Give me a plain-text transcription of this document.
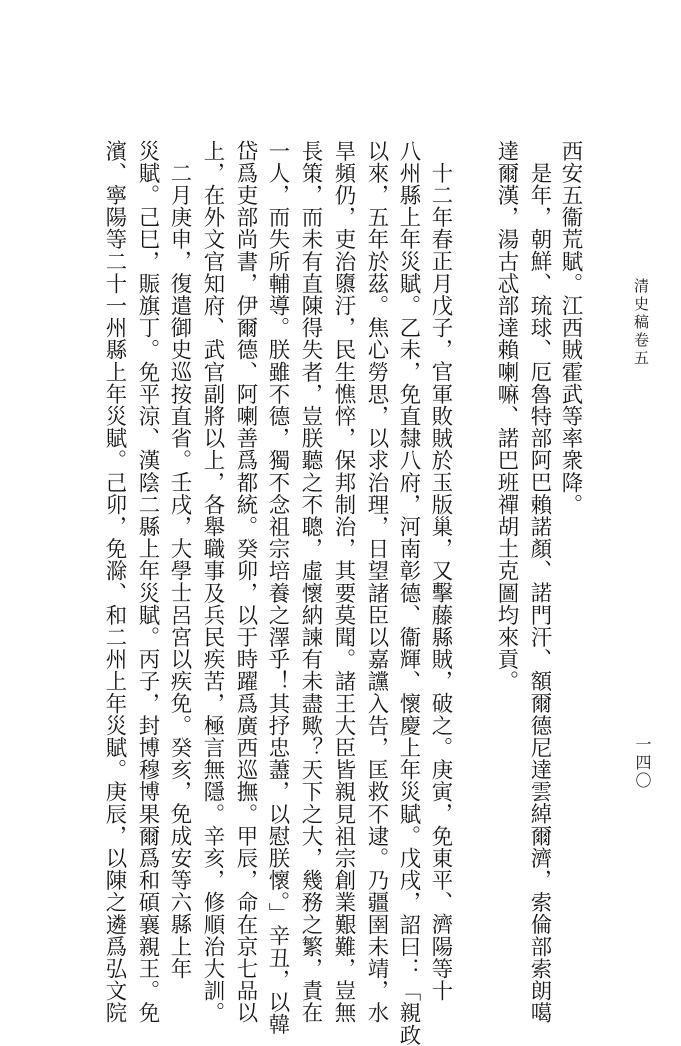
清史稿卷五
一四〇
西安五衞荒賦。江西賊霍武等率衆降。
是年，朝鮮、琉球、厄魯特部阿巴賴諾顏、諾門汗、額爾德尼達雲綽爾濟，索倫部索朗噶
達爾漢，湯古忒部達賴喇嘛、諾巴班禪胡土克圖均來貢。
十二年春正月戊子，官軍敗賊於玉版巢，又擊藤縣賊，破之。庚寅，免東平、濟陽等十
八州縣上年災賦。乙未，免直隸八府，河南彰德、衞輝、懷慶上年災賦。戊戌，詔曰：「親政
以來，五年於茲。焦心勞思，以求治理，日望諸臣以嘉讜入告，匡救不逮。乃疆圉未靖，水
旱頻仍，吏治隳汙，民生憔悴，保邦制治，其要莫聞。諸王大臣皆親見祖宗創業艱難，豈無
長策，而未有直陳得失者，豈朕聽之不聰，虛懷納諫有未盡歟？天下之大，幾務之繁，責在
一人，而失所輔導。朕雖不德，獨不念祖宗培養之澤乎！其抒忠藎，以慰朕懷。」辛丑，以韓
岱爲吏部尚書，伊爾德、阿喇善爲都統。癸卯，以于時躍爲廣西巡撫。甲辰，命在京七品以
上，在外文官知府、武官副將以上，各舉職事及兵民疾苦，極言無隱。辛亥，修順治大訓。
二月庚申，復遣御史巡按直省。壬戌，大學士呂宮以疾免。癸亥，免成安等六縣上年
災賦。己巳，賑旗丁。免平涼、漢陰二縣上年災賦。丙子，封博穆博果爾爲和碩襄親王。免
濱、寧陽等二十一州縣上年災賦。己卯，免滁、和二州上年災賦。庚辰，以陳之遴爲弘文院
